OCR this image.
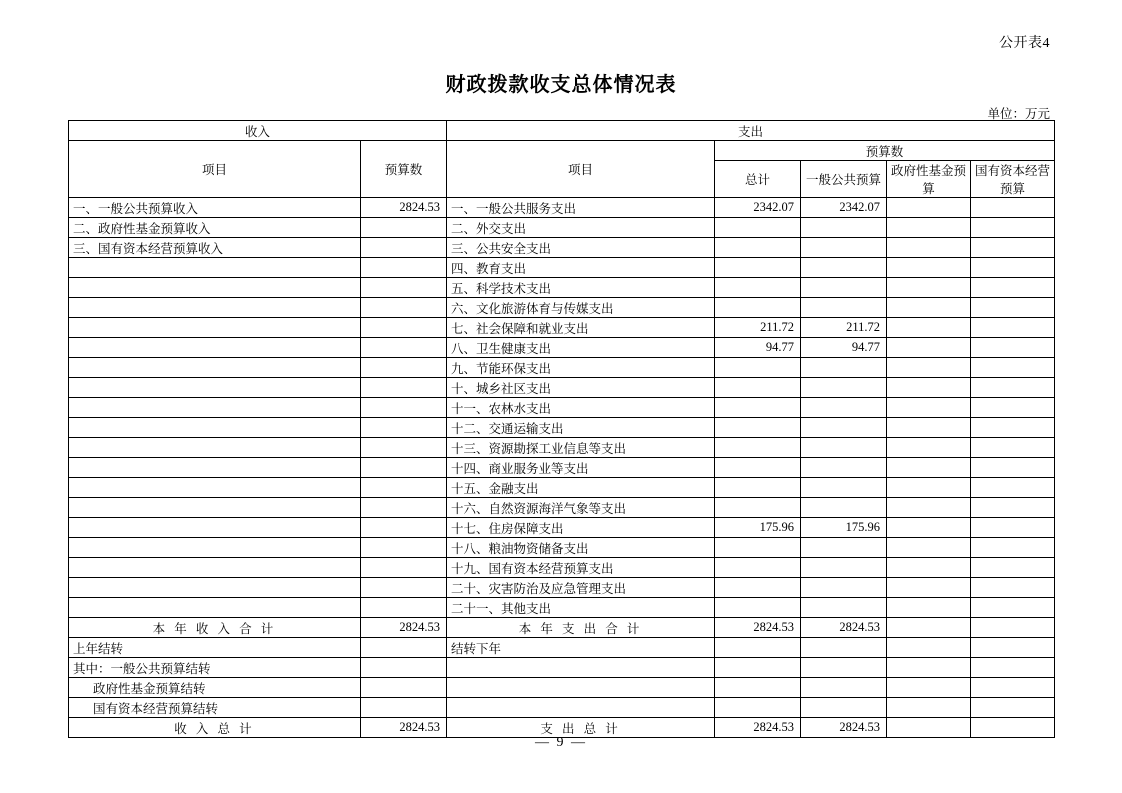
公开表4
财政拨款收支总体情况表
单位：万元
收入		支出				
项目	预算数	项目	预算数			
			总计	一般公共预算	政府性基金预算	国有资本经营预算
一、一般公共预算收入	2824.53	一、一般公共服务支出	2342.07	2342.07		
二、政府性基金预算收入		二、外交支出				
三、国有资本经营预算收入		三、公共安全支出				
		四、教育支出				
		五、科学技术支出				
		六、文化旅游体育与传媒支出				
		七、社会保障和就业支出	211.72	211.72		
		八、卫生健康支出	94.77	94.77		
		九、节能环保支出				
		十、城乡社区支出				
		十一、农林水支出				
		十二、交通运输支出				
		十三、资源勘探工业信息等支出				
		十四、商业服务业等支出				
		十五、金融支出				
		十六、自然资源海洋气象等支出				
		十七、住房保障支出	175.96	175.96		
		十八、粮油物资储备支出				
		十九、国有资本经营预算支出				
		二十、灾害防治及应急管理支出				
		二十一、其他支出				
本 年 收 入 合 计	2824.53	本 年 支 出 合 计	2824.53	2824.53		
上年结转		结转下年				
其中：一般公共预算结转						
政府性基金预算结转						
国有资本经营预算结转						
收 入 总 计	2824.53	支 出 总 计	2824.53	2824.53		
— 9 —
